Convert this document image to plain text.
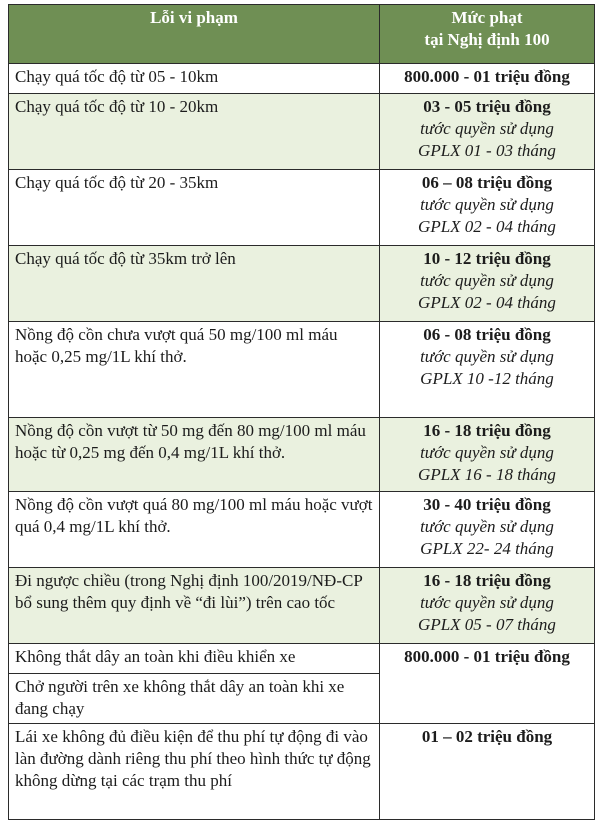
Lỗi vi phạm	Mức phạt
tại Nghị định 100
Chạy quá tốc độ từ 05 - 10km	800.000 - 01 triệu đồng

Chạy quá tốc độ từ 10 - 20km	03 - 05 triệu đồng
tước quyền sử dụng
GPLX 01 - 03 tháng

Chạy quá tốc độ từ 20 - 35km	06 – 08 triệu đồng
tước quyền sử dụng
GPLX 02 - 04 tháng

Chạy quá tốc độ từ 35km trở lên	10 - 12 triệu đồng
tước quyền sử dụng
GPLX 02 - 04 tháng

Nồng độ cồn chưa vượt quá 50 mg/100 ml máu hoặc 0,25 mg/1L khí thở.	06 - 08 triệu đồng
tước quyền sử dụng
GPLX 10 -12 tháng

Nồng độ cồn vượt từ 50 mg đến 80 mg/100 ml máu hoặc từ 0,25 mg đến 0,4 mg/1L khí thở.	16 - 18 triệu đồng
tước quyền sử dụng
GPLX 16 - 18 tháng

Nồng độ cồn vượt quá 80 mg/100 ml máu hoặc vượt quá 0,4 mg/1L khí thở.	30 - 40 triệu đồng
tước quyền sử dụng
GPLX 22- 24 tháng

Đi ngược chiều (trong Nghị định 100/2019/NĐ-CP bổ sung thêm quy định về “đi lùi”) trên cao tốc	16 - 18 triệu đồng
tước quyền sử dụng
GPLX 05 - 07 tháng

Không thắt dây an toàn khi điều khiển xe	800.000 - 01 triệu đồng

Chở người trên xe không thắt dây an toàn khi xe đang chạy	
Lái xe không đủ điều kiện để thu phí tự động đi vào làn đường dành riêng thu phí theo hình thức tự động không dừng tại các trạm thu phí	01 – 02 triệu đồng
